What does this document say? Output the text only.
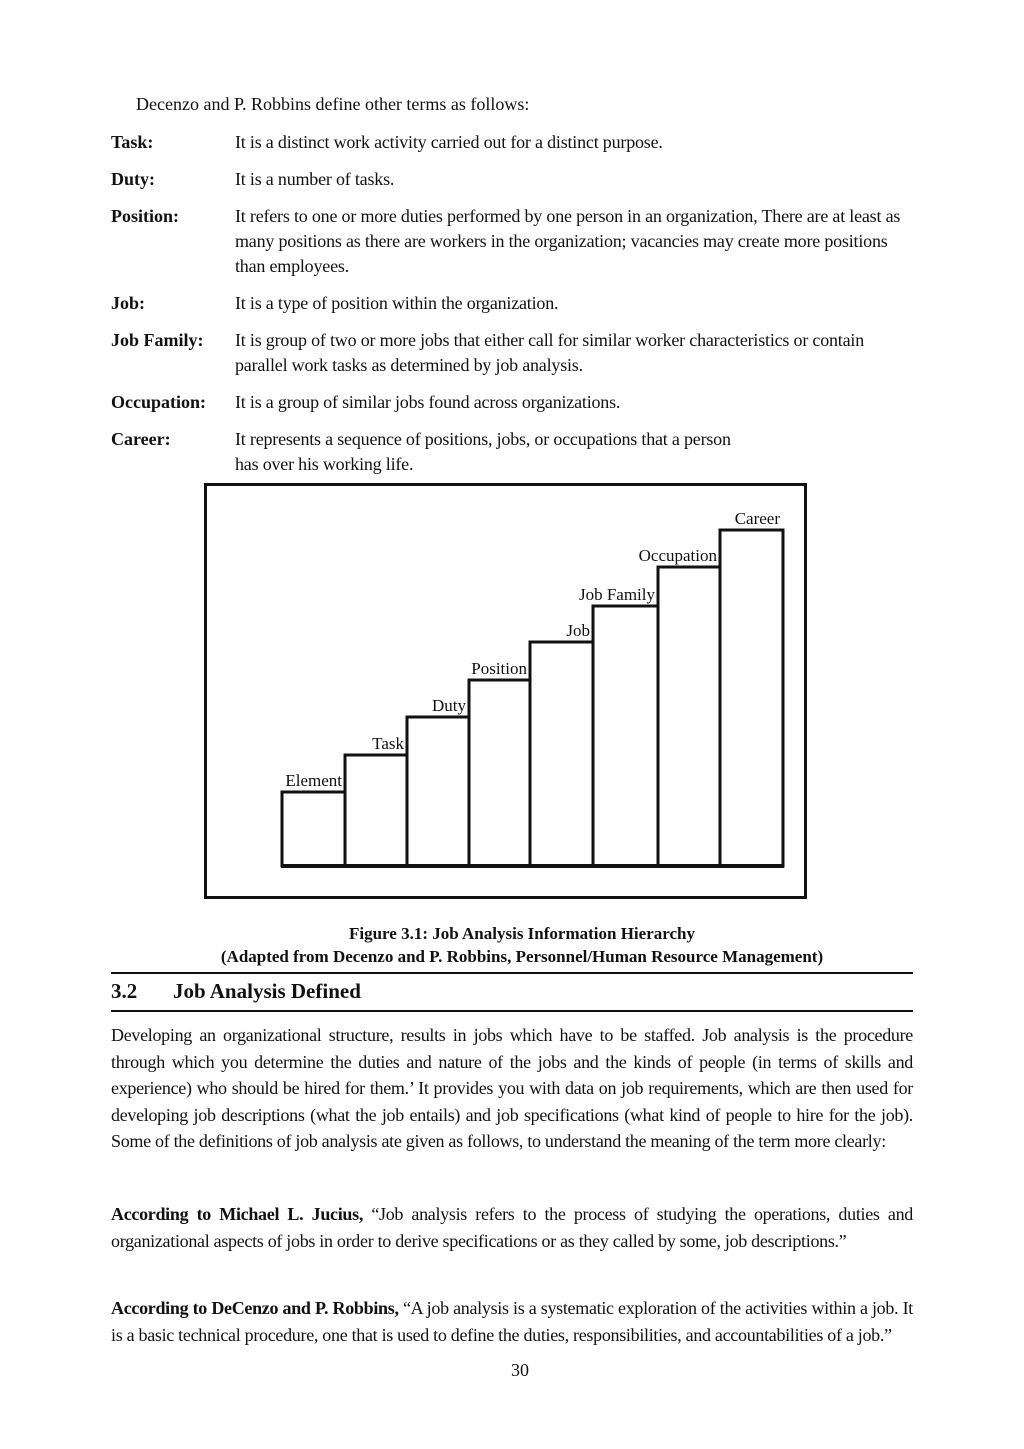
Decenzo and P. Robbins define other terms as follows:
Task:	It is a distinct work activity carried out for a distinct purpose.
Duty:	It is a number of tasks.
Position:	It refers to one or more duties performed by one person in an organization, There are at least as many positions as there are workers in the organization; vacancies may create more positions than employees.
Job:	It is a type of position within the organization.
Job Family:	It is group of two or more jobs that either call for similar worker characteristics or contain parallel work tasks as determined by job analysis.
Occupation:	It is a group of similar jobs found across organizations.
Career:	It represents a sequence of positions, jobs, or occupations that a person has over his working life.
Element
Task
Duty
Position
Job
Job Family
Occupation
Career
Figure 3.1: Job Analysis Information Hierarchy
(Adapted from Decenzo and P. Robbins, Personnel/Human Resource Management)
3.2	Job Analysis Defined
Developing an organizational structure, results in jobs which have to be staffed. Job analysis is the procedure through which you determine the duties and nature of the jobs and the kinds of people (in terms of skills and experience) who should be hired for them.’ It provides you with data on job requirements, which are then used for developing job descriptions (what the job entails) and job specifications (what kind of people to hire for the job). Some of the definitions of job analysis ate given as follows, to understand the meaning of the term more clearly:
According to Michael L. Jucius, “Job analysis refers to the process of studying the operations, duties and organizational aspects of jobs in order to derive specifications or as they called by some, job descriptions.”
According to DeCenzo and P. Robbins, “A job analysis is a systematic exploration of the activities within a job. It is a basic technical procedure, one that is used to define the duties, responsibilities, and accountabilities of a job.”
30
